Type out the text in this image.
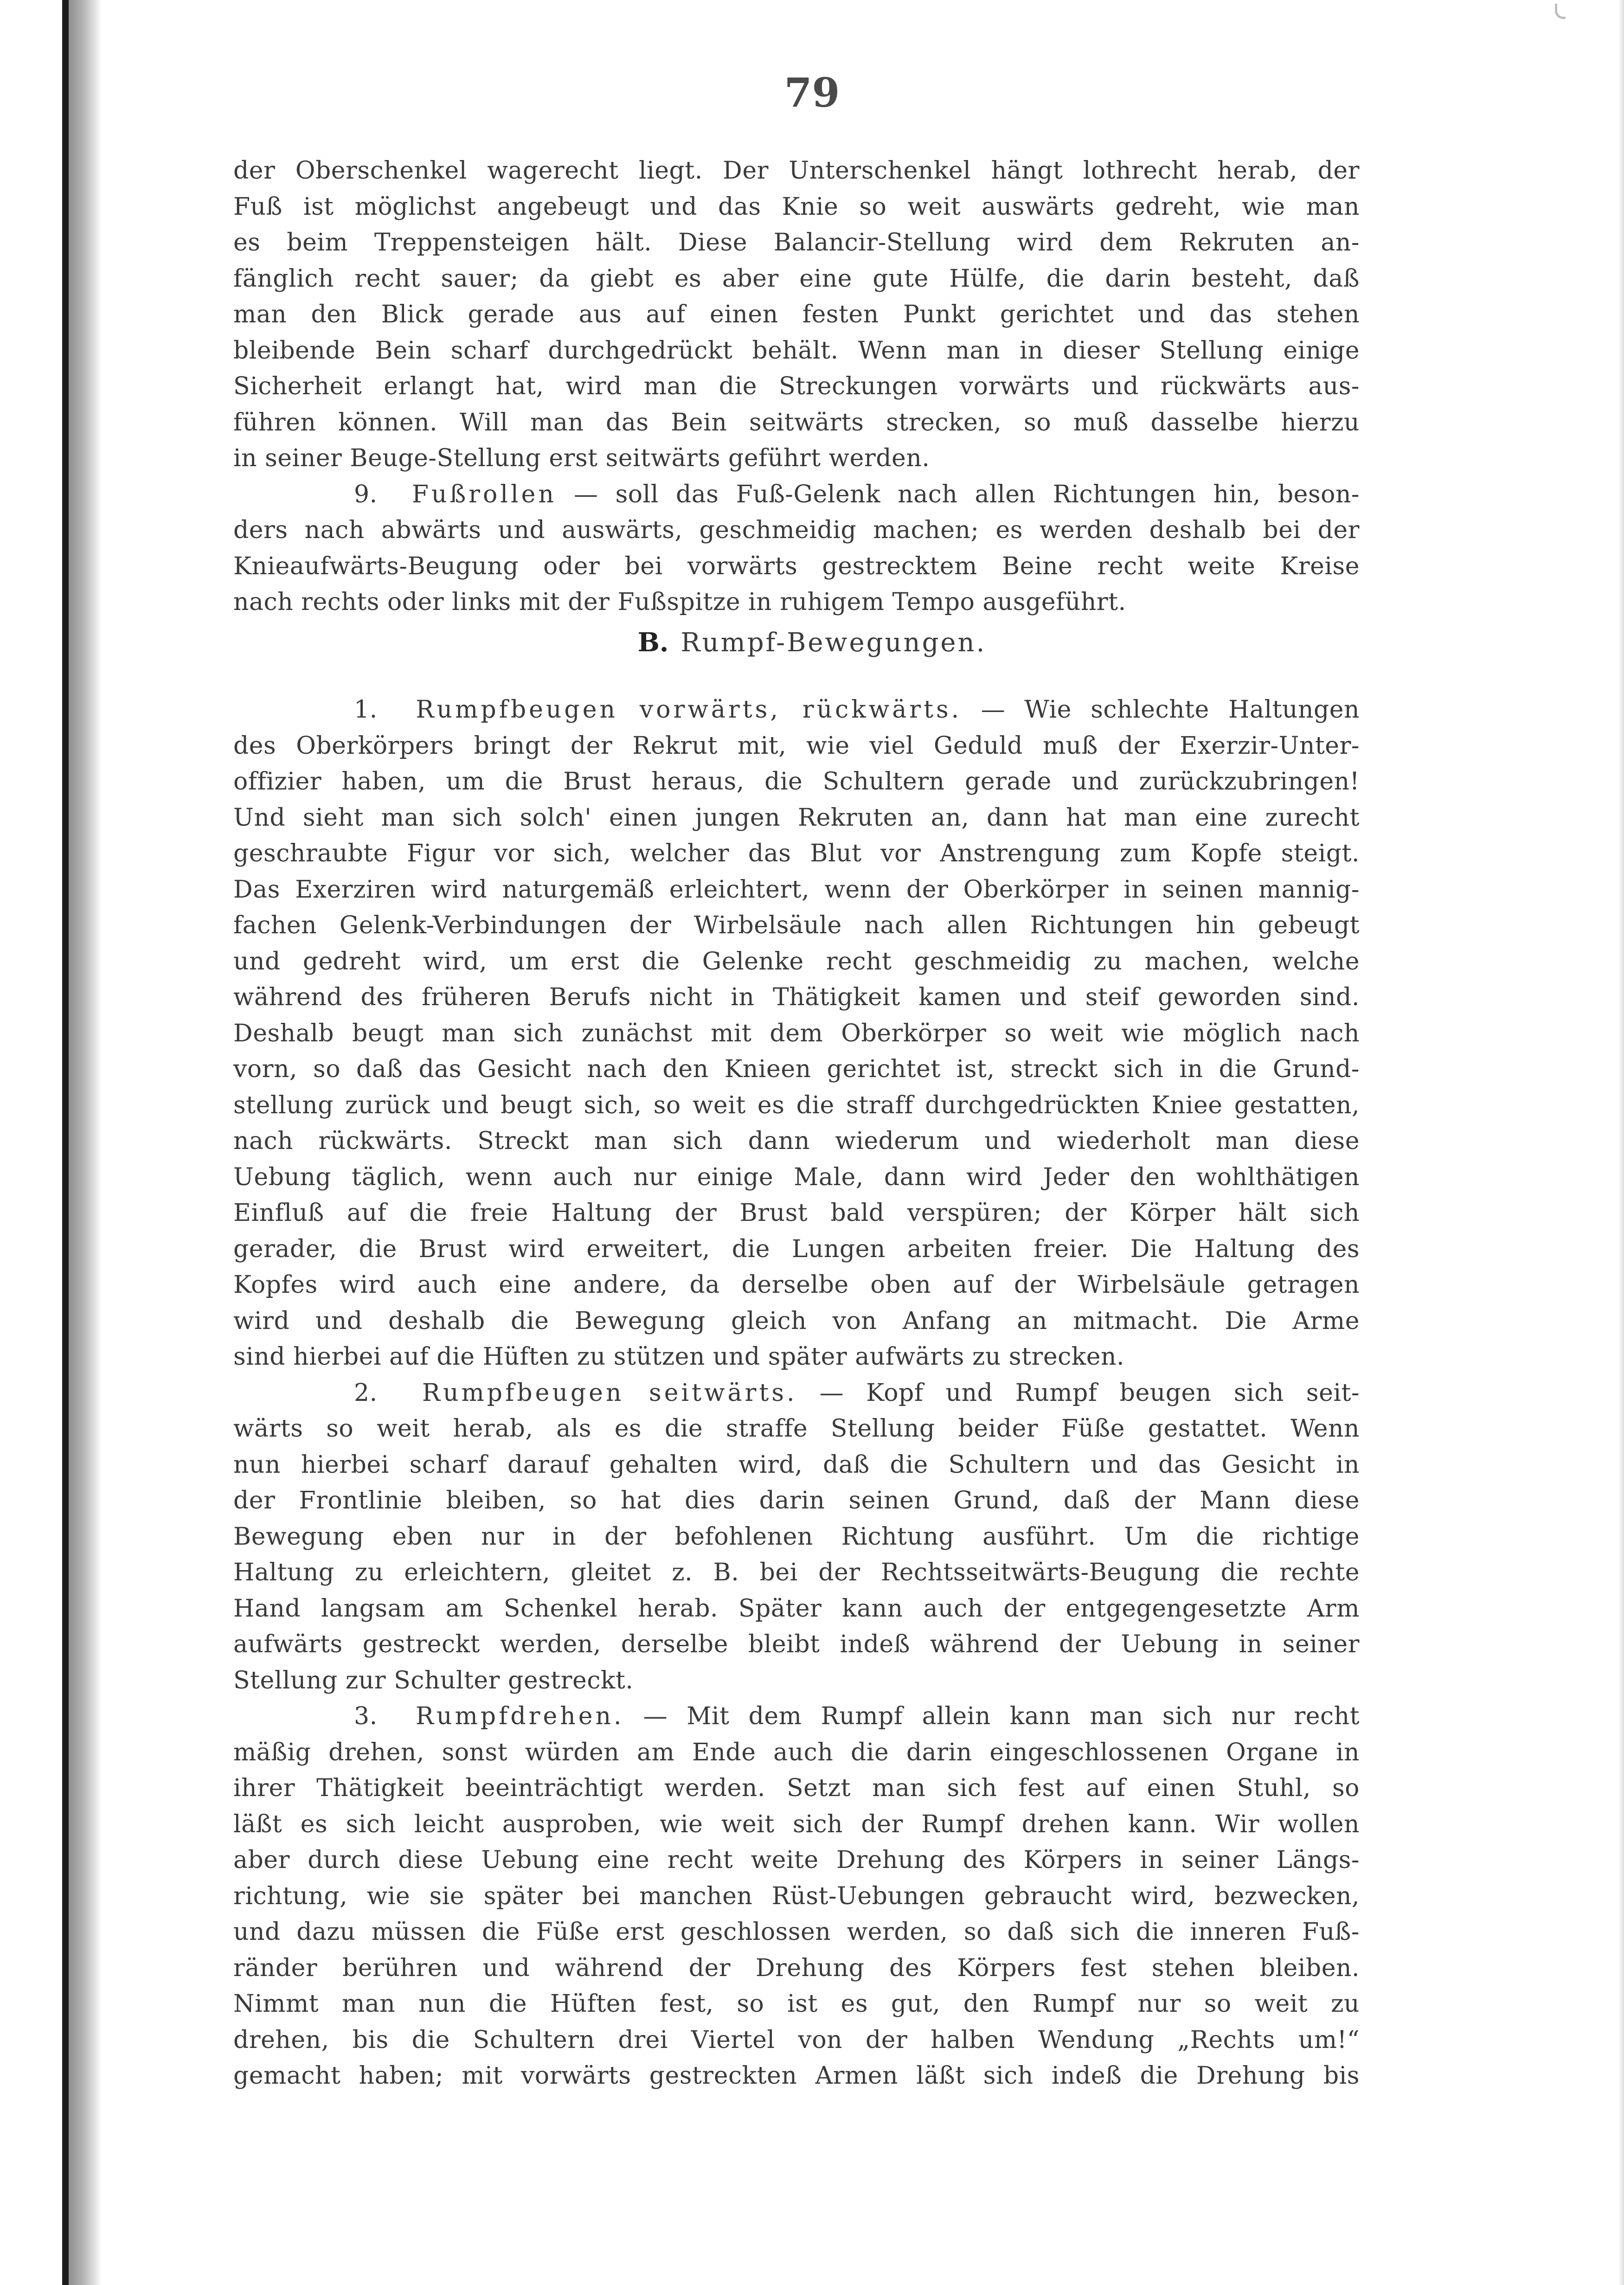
79
der Oberschenkel wagerecht liegt. Der Unterschenkel hängt lothrecht herab, der
Fuß ist möglichst angebeugt und das Knie so weit auswärts gedreht, wie man
es beim Treppensteigen hält. Diese Balancir-Stellung wird dem Rekruten an-
fänglich recht sauer; da giebt es aber eine gute Hülfe, die darin besteht, daß
man den Blick gerade aus auf einen festen Punkt gerichtet und das stehen
bleibende Bein scharf durchgedrückt behält. Wenn man in dieser Stellung einige
Sicherheit erlangt hat, wird man die Streckungen vorwärts und rückwärts aus-
führen können. Will man das Bein seitwärts strecken, so muß dasselbe hierzu
in seiner Beuge-Stellung erst seitwärts geführt werden.
9. Fußrollen — soll das Fuß-Gelenk nach allen Richtungen hin, beson-
ders nach abwärts und auswärts, geschmeidig machen; es werden deshalb bei der
Knieaufwärts-Beugung oder bei vorwärts gestrecktem Beine recht weite Kreise
nach rechts oder links mit der Fußspitze in ruhigem Tempo ausgeführt.
B. Rumpf-Bewegungen.
1. Rumpfbeugen vorwärts, rückwärts. — Wie schlechte Haltungen
des Oberkörpers bringt der Rekrut mit, wie viel Geduld muß der Exerzir-Unter-
offizier haben, um die Brust heraus, die Schultern gerade und zurückzubringen!
Und sieht man sich solch' einen jungen Rekruten an, dann hat man eine zurecht
geschraubte Figur vor sich, welcher das Blut vor Anstrengung zum Kopfe steigt.
Das Exerziren wird naturgemäß erleichtert, wenn der Oberkörper in seinen mannig-
fachen Gelenk-Verbindungen der Wirbelsäule nach allen Richtungen hin gebeugt
und gedreht wird, um erst die Gelenke recht geschmeidig zu machen, welche
während des früheren Berufs nicht in Thätigkeit kamen und steif geworden sind.
Deshalb beugt man sich zunächst mit dem Oberkörper so weit wie möglich nach
vorn, so daß das Gesicht nach den Knieen gerichtet ist, streckt sich in die Grund-
stellung zurück und beugt sich, so weit es die straff durchgedrückten Kniee gestatten,
nach rückwärts. Streckt man sich dann wiederum und wiederholt man diese
Uebung täglich, wenn auch nur einige Male, dann wird Jeder den wohlthätigen
Einfluß auf die freie Haltung der Brust bald verspüren; der Körper hält sich
gerader, die Brust wird erweitert, die Lungen arbeiten freier. Die Haltung des
Kopfes wird auch eine andere, da derselbe oben auf der Wirbelsäule getragen
wird und deshalb die Bewegung gleich von Anfang an mitmacht. Die Arme
sind hierbei auf die Hüften zu stützen und später aufwärts zu strecken.
2. Rumpfbeugen seitwärts. — Kopf und Rumpf beugen sich seit-
wärts so weit herab, als es die straffe Stellung beider Füße gestattet. Wenn
nun hierbei scharf darauf gehalten wird, daß die Schultern und das Gesicht in
der Frontlinie bleiben, so hat dies darin seinen Grund, daß der Mann diese
Bewegung eben nur in der befohlenen Richtung ausführt. Um die richtige
Haltung zu erleichtern, gleitet z. B. bei der Rechtsseitwärts-Beugung die rechte
Hand langsam am Schenkel herab. Später kann auch der entgegengesetzte Arm
aufwärts gestreckt werden, derselbe bleibt indeß während der Uebung in seiner
Stellung zur Schulter gestreckt.
3. Rumpfdrehen. — Mit dem Rumpf allein kann man sich nur recht
mäßig drehen, sonst würden am Ende auch die darin eingeschlossenen Organe in
ihrer Thätigkeit beeinträchtigt werden. Setzt man sich fest auf einen Stuhl, so
läßt es sich leicht ausproben, wie weit sich der Rumpf drehen kann. Wir wollen
aber durch diese Uebung eine recht weite Drehung des Körpers in seiner Längs-
richtung, wie sie später bei manchen Rüst-Uebungen gebraucht wird, bezwecken,
und dazu müssen die Füße erst geschlossen werden, so daß sich die inneren Fuß-
ränder berühren und während der Drehung des Körpers fest stehen bleiben.
Nimmt man nun die Hüften fest, so ist es gut, den Rumpf nur so weit zu
drehen, bis die Schultern drei Viertel von der halben Wendung „Rechts um!“
gemacht haben; mit vorwärts gestreckten Armen läßt sich indeß die Drehung bis
